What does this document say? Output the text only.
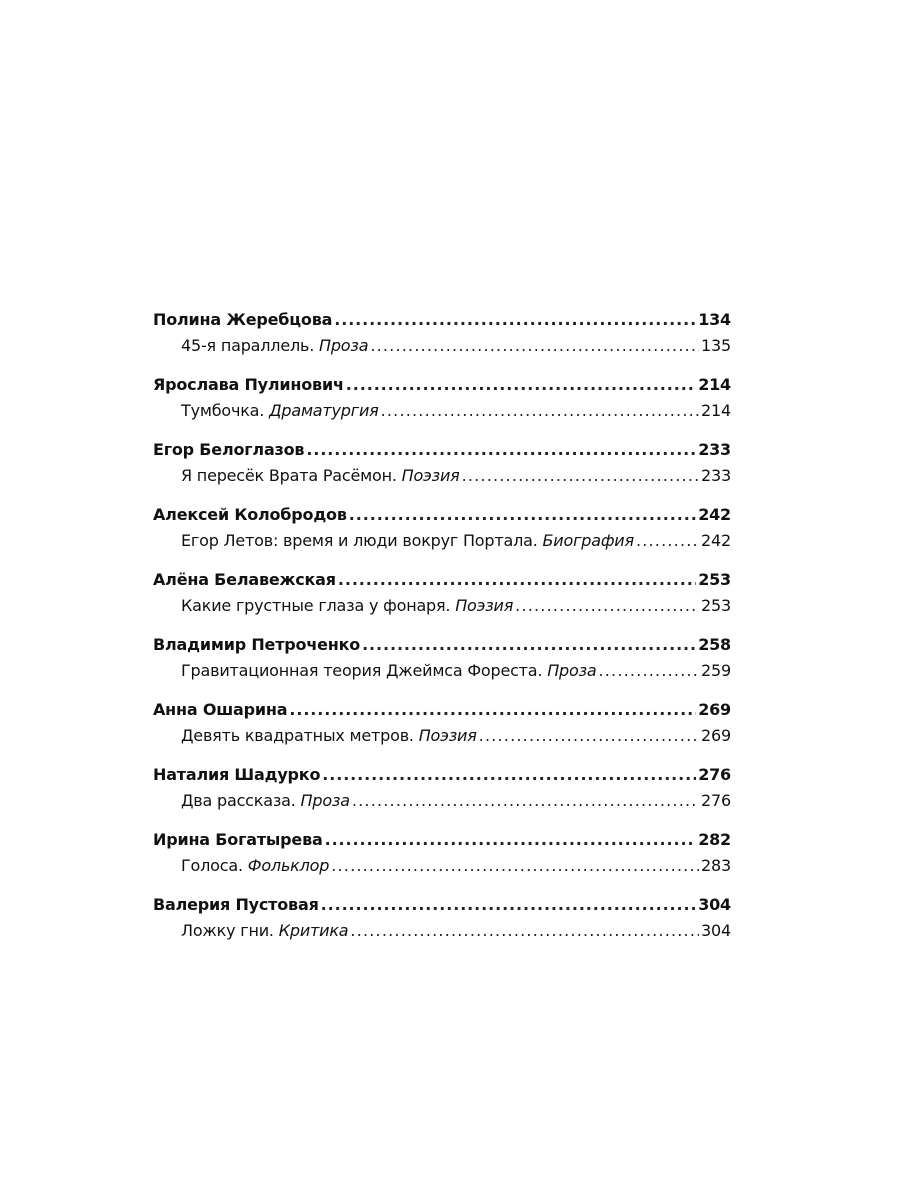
Полина Жеребцова .....	134
45-я параллель. Проза .....	135
Ярослава Пулинович .....	214
Тумбочка. Драматургия .....	214
Егор Белоглазов .....	233
Я пересёк Врата Расёмон. Поэзия .....	233
Алексей Колобродов .....	242
Егор Летов: время и люди вокруг Портала. Биография .....	242
Алёна Белавежская .....	253
Какие грустные глаза у фонаря. Поэзия .....	253
Владимир Петроченко .....	258
Гравитационная теория Джеймса Фореста. Проза .....	259
Анна Ошарина .....	269
Девять квадратных метров. Поэзия .....	269
Наталия Шадурко .....	276
Два рассказа. Проза .....	276
Ирина Богатырева .....	282
Голоса. Фольклор .....	283
Валерия Пустовая .....	304
Ложку гни. Критика .....	304
